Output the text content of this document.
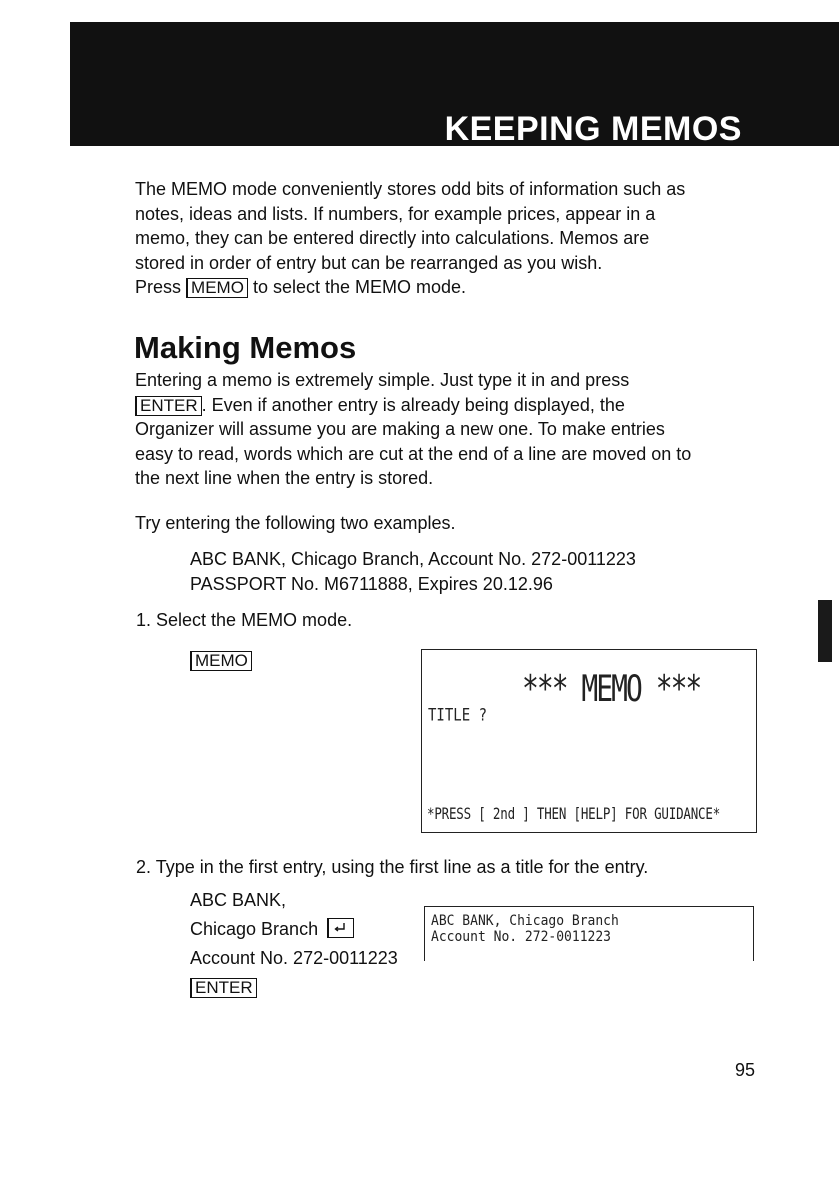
KEEPING MEMOS
The MEMO mode conveniently stores odd bits of information such as
notes, ideas and lists. If numbers, for example prices, appear in a
memo, they can be entered directly into calculations. Memos are
stored in order of entry but can be rearranged as you wish.
Press MEMO to select the MEMO mode.
Making Memos
Entering a memo is extremely simple. Just type it in and press
ENTER . Even if another entry is already being displayed, the
Organizer will assume you are making a new one. To make entries
easy to read, words which are cut at the end of a line are moved on to
the next line when the entry is stored.
Try entering the following two examples.
ABC BANK, Chicago Branch, Account No. 272-0011223
PASSPORT No. M6711888, Expires 20.12.96
1. Select the MEMO mode.
MEMO
*** MEMO ***
TITLE ?
*PRESS [ 2nd ] THEN [HELP] FOR GUIDANCE*
2. Type in the first entry, using the first line as a title for the entry.
ABC BANK,
Chicago Branch
Account No. 272-0011223
ENTER
ABC BANK, Chicago Branch
Account No. 272-0011223
95
